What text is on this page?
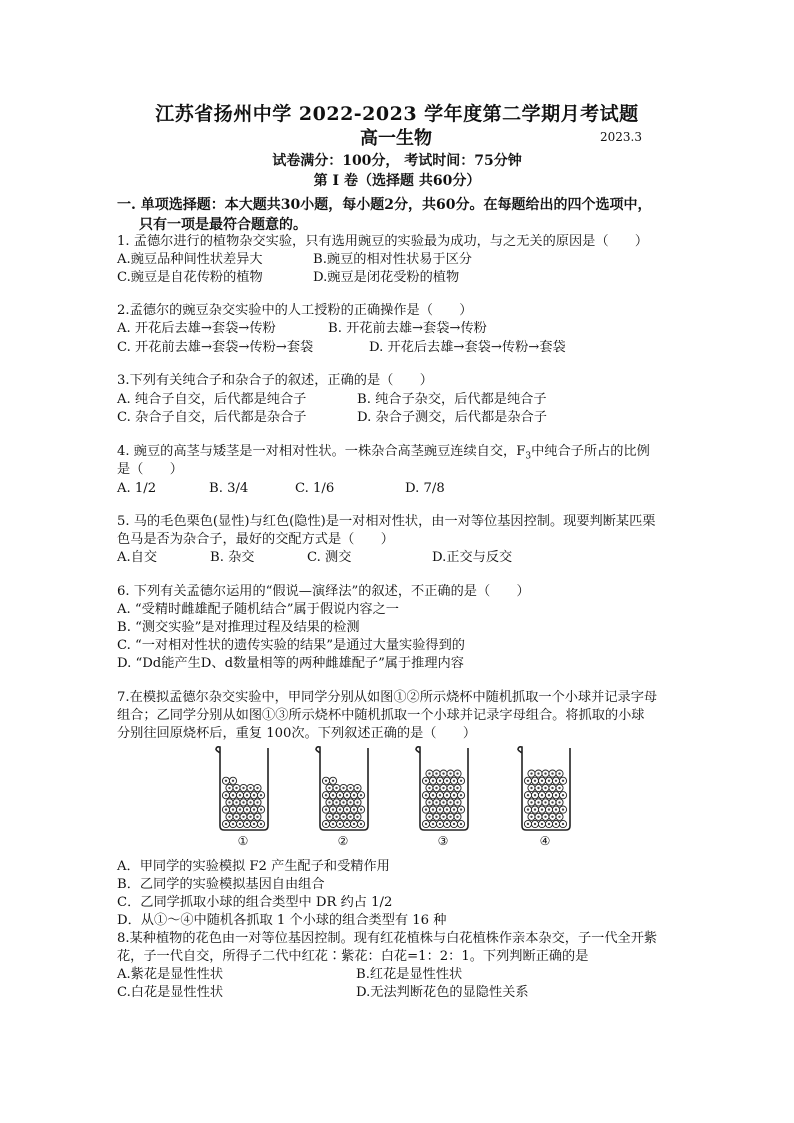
江苏省扬州中学 2022-2023 学年度第二学期月考试题
高一生物	2023.3
试卷满分：100分， 考试时间：75分钟
第 Ⅰ 卷（选择题 共60分）
一. 单项选择题：本大题共30小题，每小题2分，共60分。在每题给出的四个选项中，
只有一项是最符合题意的。
1. 孟德尔进行的植物杂交实验，只有选用豌豆的实验最为成功，与之无关的原因是（　　）
A.豌豆品种间性状差异大	B.豌豆的相对性状易于区分
C.豌豆是自花传粉的植物	D.豌豆是闭花受粉的植物
2.孟德尔的豌豆杂交实验中的人工授粉的正确操作是（　　）
A. 开花后去雄→套袋→传粉	B. 开花前去雄→套袋→传粉
C. 开花前去雄→套袋→传粉→套袋	D. 开花后去雄→套袋→传粉→套袋
3.下列有关纯合子和杂合子的叙述，正确的是（　　）
A. 纯合子自交，后代都是纯合子	B. 纯合子杂交，后代都是纯合子
C. 杂合子自交，后代都是杂合子	D. 杂合子测交，后代都是杂合子
4. 豌豆的高茎与矮茎是一对相对性状。一株杂合高茎豌豆连续自交，$F_3$中纯合子所占的比例
是（　　）
A. 1/2	B. 3/4	C. 1/6	D. 7/8
5. 马的毛色栗色(显性)与红色(隐性)是一对相对性状，由一对等位基因控制。现要判断某匹栗
色马是否为杂合子，最好的交配方式是（　　）
A.自交	B. 杂交	C. 测交	D.正交与反交
6. 下列有关孟德尔运用的“假说—演绎法”的叙述，不正确的是（　　）
A. “受精时雌雄配子随机结合”属于假说内容之一
B. “测交实验”是对推理过程及结果的检测
C. “一对相对性状的遗传实验的结果”是通过大量实验得到的
D. “Dd能产生D、d数量相等的两种雌雄配子”属于推理内容
7.在模拟孟德尔杂交实验中，甲同学分别从如图①②所示烧杯中随机抓取一个小球并记录字母
组合；乙同学分别从如图①③所示烧杯中随机抓取一个小球并记录字母组合。将抓取的小球
分别往回原烧杯后，重复 100次。下列叙述正确的是（　　）
①	②	③	④
A．甲同学的实验模拟 F2 产生配子和受精作用
B．乙同学的实验模拟基因自由组合
C．乙同学抓取小球的组合类型中 DR 约占 1/2
D．从①～④中随机各抓取 1 个小球的组合类型有 16 种
8.某种植物的花色由一对等位基因控制。现有红花植株与白花植株作亲本杂交，子一代全开紫
花，子一代自交，所得子二代中红花∶紫花：白花=1：2：1。下列判断正确的是
A.紫花是显性性状	B.红花是显性性状
C.白花是显性性状	D.无法判断花色的显隐性关系
